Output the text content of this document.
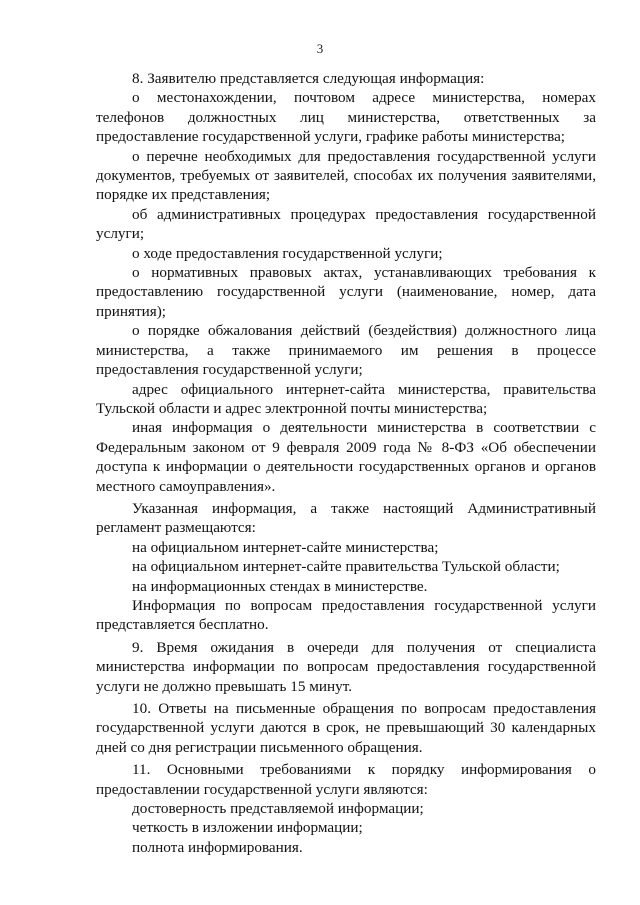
3

8. Заявителю представляется следующая информация:

о местонахождении, почтовом адресе министерства, номерах телефонов должностных лиц министерства, ответственных за предоставление государственной услуги, графике работы министерства;

о перечне необходимых для предоставления государственной услуги документов, требуемых от заявителей, способах их получения заявителями, порядке их представления;

об административных процедурах предоставления государственной услуги;

о ходе предоставления государственной услуги;

о нормативных правовых актах, устанавливающих требования к предоставлению государственной услуги (наименование, номер, дата принятия);

о порядке обжалования действий (бездействия) должностного лица министерства, а также принимаемого им решения в процессе предоставления государственной услуги;

адрес официального интернет-сайта министерства, правительства Тульской области и адрес электронной почты министерства;

иная информация о деятельности министерства в соответствии с Федеральным законом от 9 февраля 2009 года № 8-ФЗ «Об обеспечении доступа к информации о деятельности государственных органов и органов местного самоуправления».

Указанная информация, а также настоящий Административный регламент размещаются:

на официальном интернет-сайте министерства;

на официальном интернет-сайте правительства Тульской области;

на информационных стендах в министерстве.

Информация по вопросам предоставления государственной услуги представляется бесплатно.

9. Время ожидания в очереди для получения от специалиста министерства информации по вопросам предоставления государственной услуги не должно превышать 15 минут.

10. Ответы на письменные обращения по вопросам предоставления государственной услуги даются в срок, не превышающий 30 календарных дней со дня регистрации письменного обращения.

11. Основными требованиями к порядку информирования о предоставлении государственной услуги являются:

достоверность представляемой информации;

четкость в изложении информации;

полнота информирования.
